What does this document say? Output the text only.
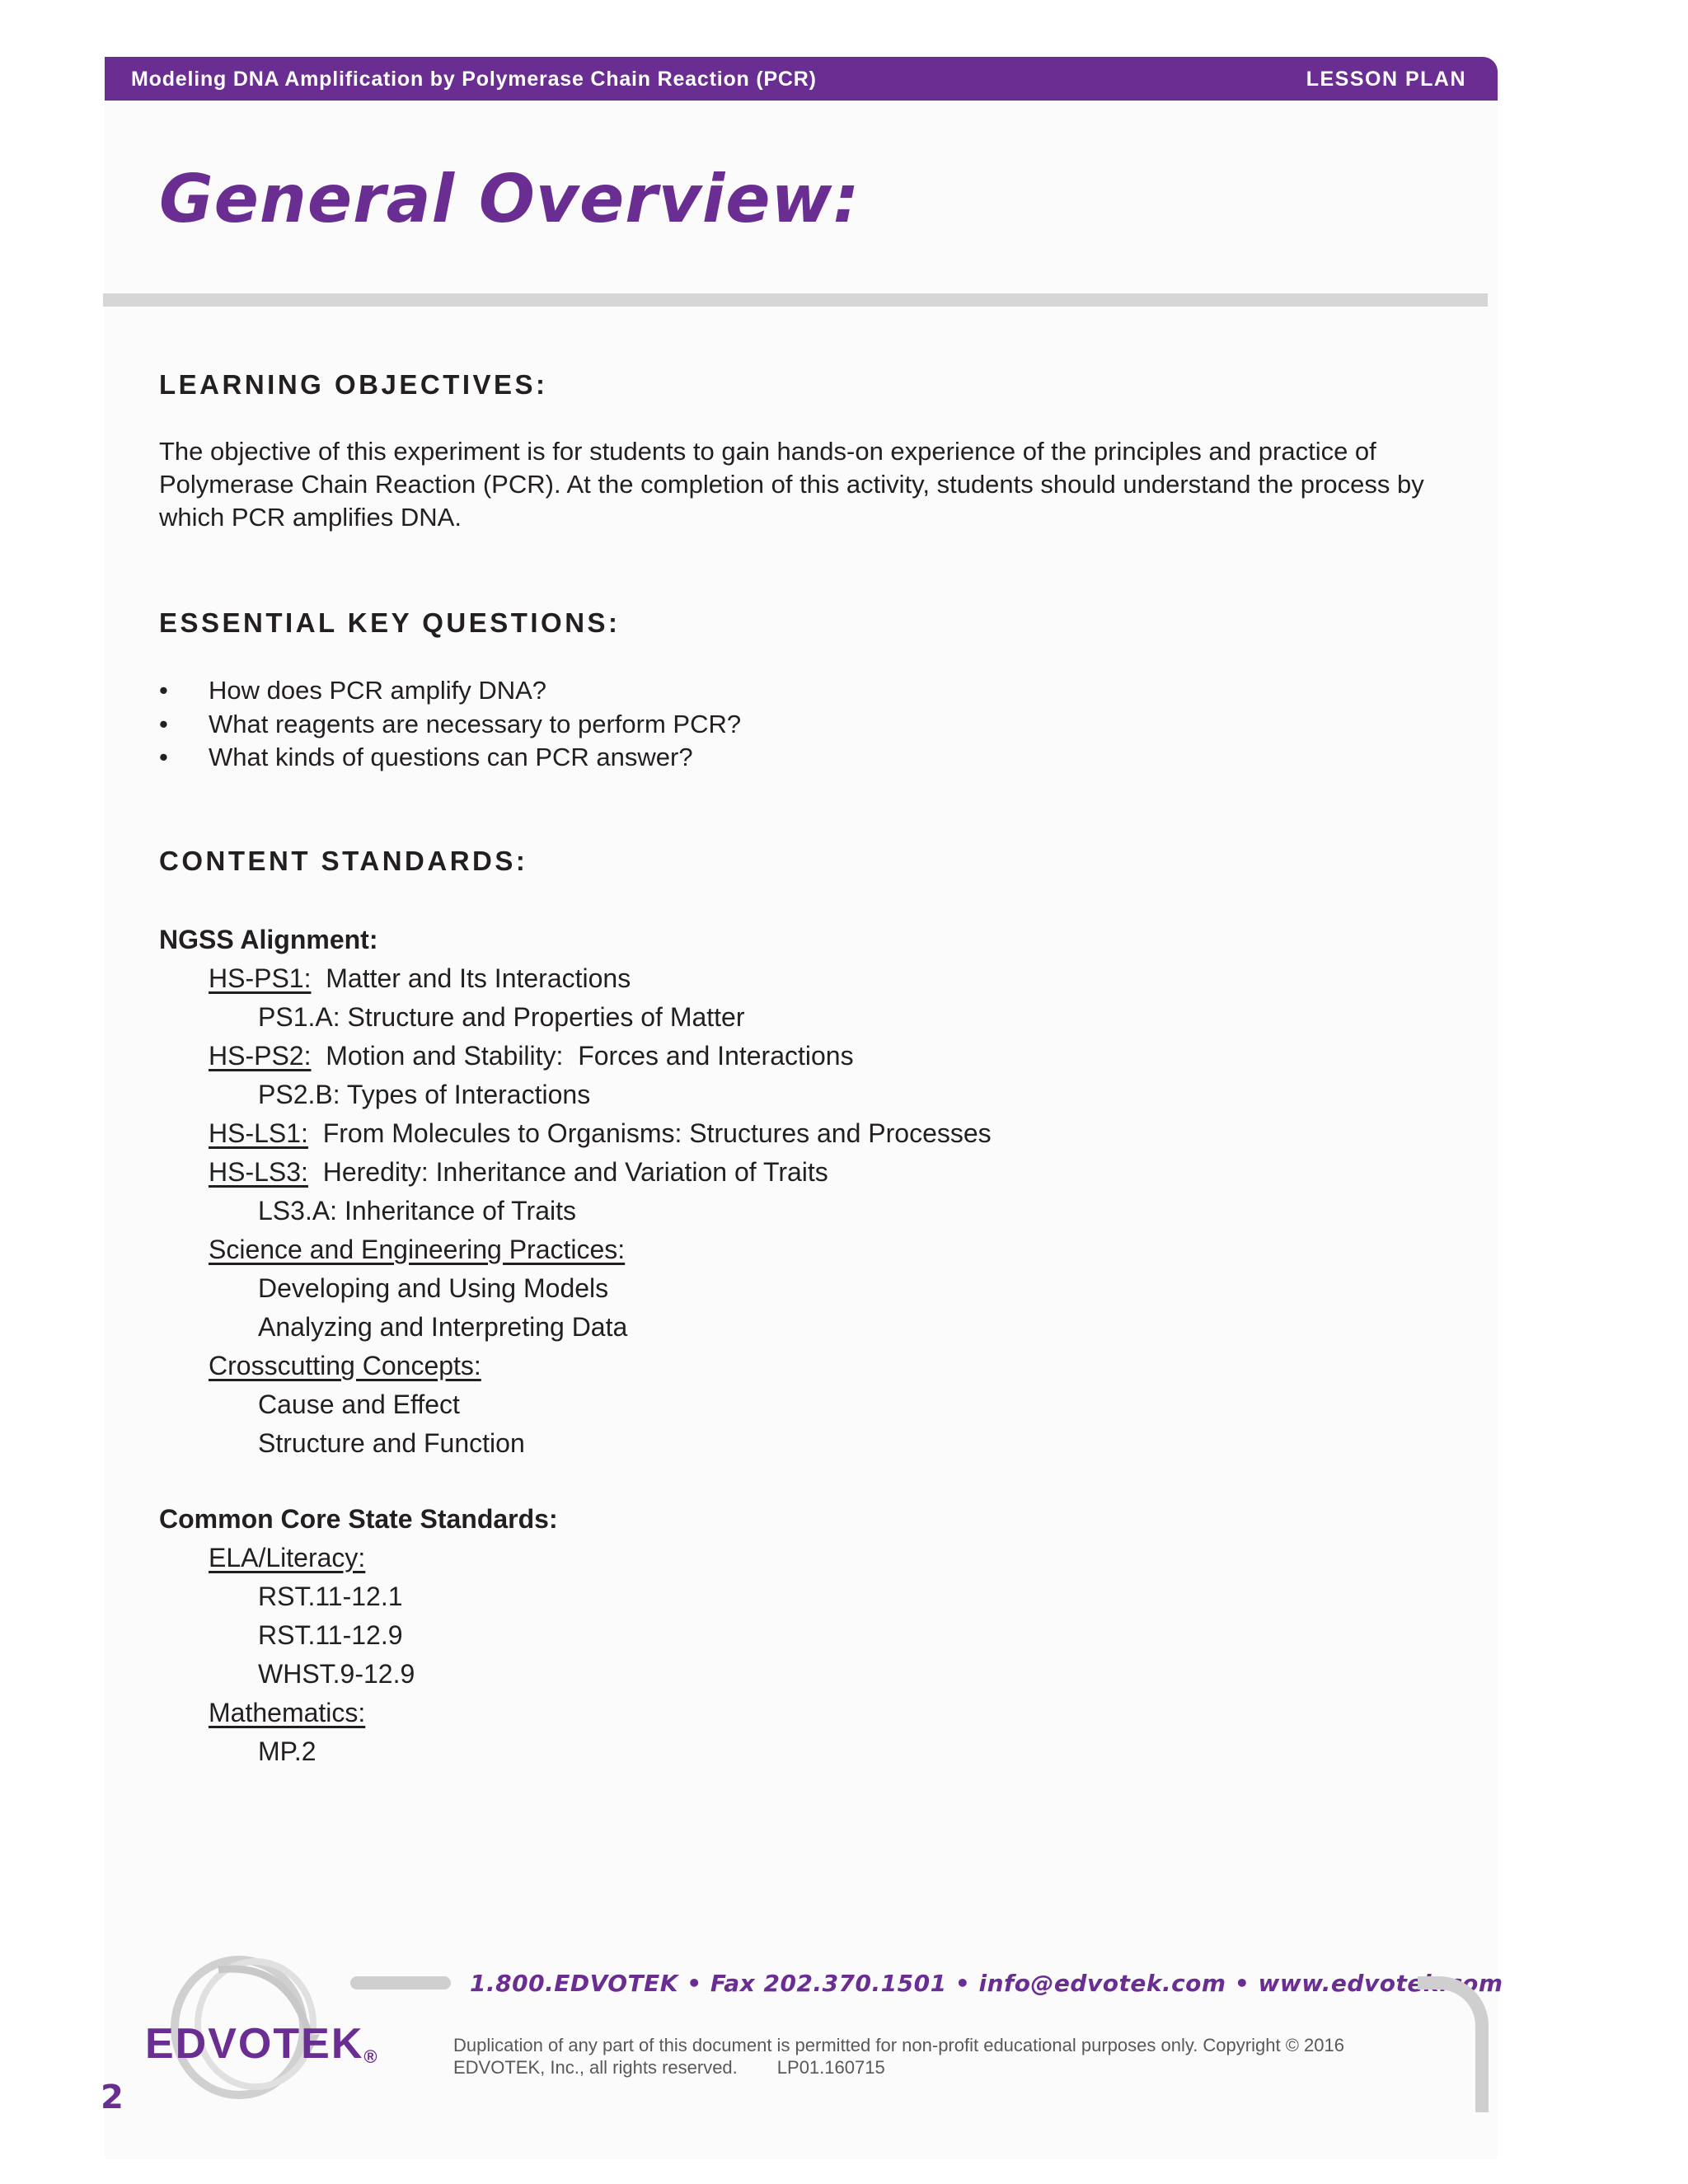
Modeling DNA Amplification by Polymerase Chain Reaction (PCR)	LESSON PLAN
General Overview:
LEARNING OBJECTIVES:
The objective of this experiment is for students to gain hands-on experience of the principles and practice of
Polymerase Chain Reaction (PCR). At the completion of this activity, students should understand the process by
which PCR amplifies DNA.
ESSENTIAL KEY QUESTIONS:
• How does PCR amplify DNA?
• What reagents are necessary to perform PCR?
• What kinds of questions can PCR answer?
CONTENT STANDARDS:
NGSS Alignment:
HS-PS1:  Matter and Its Interactions
PS1.A: Structure and Properties of Matter
HS-PS2:  Motion and Stability:  Forces and Interactions
PS2.B: Types of Interactions
HS-LS1:  From Molecules to Organisms: Structures and Processes
HS-LS3:  Heredity: Inheritance and Variation of Traits
LS3.A: Inheritance of Traits
Science and Engineering Practices:
Developing and Using Models
Analyzing and Interpreting Data
Crosscutting Concepts:
Cause and Effect
Structure and Function
Common Core State Standards:
ELA/Literacy:
RST.11-12.1
RST.11-12.9
WHST.9-12.9
Mathematics:
MP.2
EDVOTEK®
1.800.EDVOTEK • Fax 202.370.1501 • info@edvotek.com • www.edvotek.com
Duplication of any part of this document is permitted for non-profit educational purposes only. Copyright © 2016
EDVOTEK, Inc., all rights reserved. LP01.160715
2
